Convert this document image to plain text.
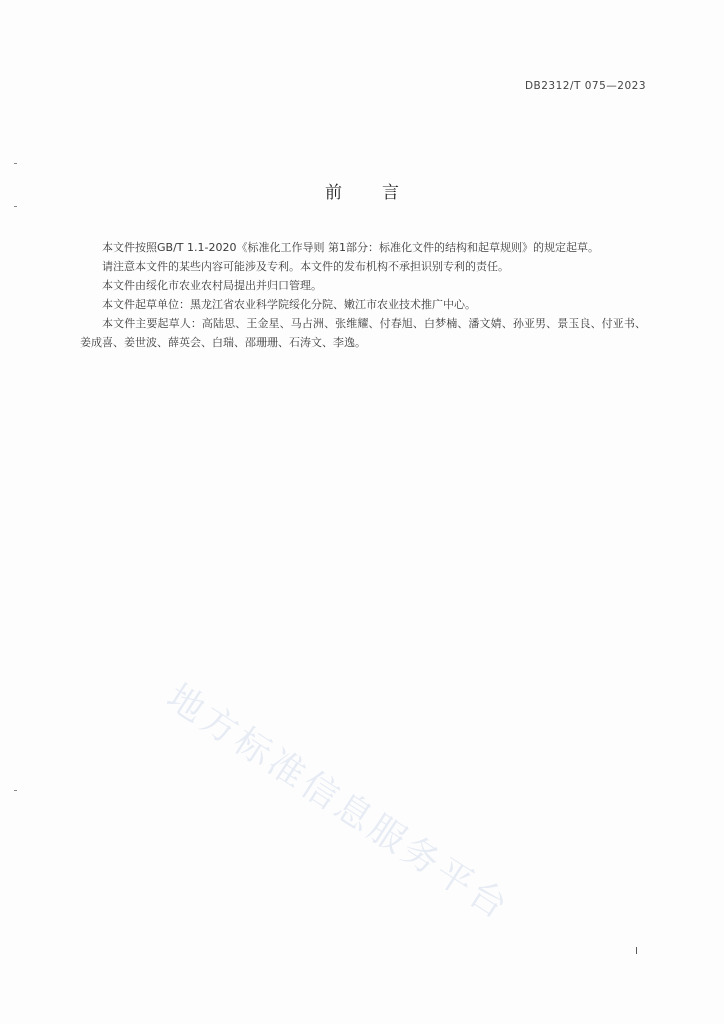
DB2312/T 075—2023
前言

本文件按照GB/T 1.1-2020《标准化工作导则 第1部分：标准化文件的结构和起草规则》的规定起草。

请注意本文件的某些内容可能涉及专利。本文件的发布机构不承担识别专利的责任。

本文件由绥化市农业农村局提出并归口管理。

本文件起草单位：黑龙江省农业科学院绥化分院、嫩江市农业技术推广中心。

本文件主要起草人：高陆思、王金星、马占洲、张维耀、付春旭、白梦楠、潘文婧、孙亚男、景玉良、付亚书、姜成喜、姜世波、薛英会、白瑞、邵珊珊、石涛文、李逸。

地方标准信息服务平台
I
